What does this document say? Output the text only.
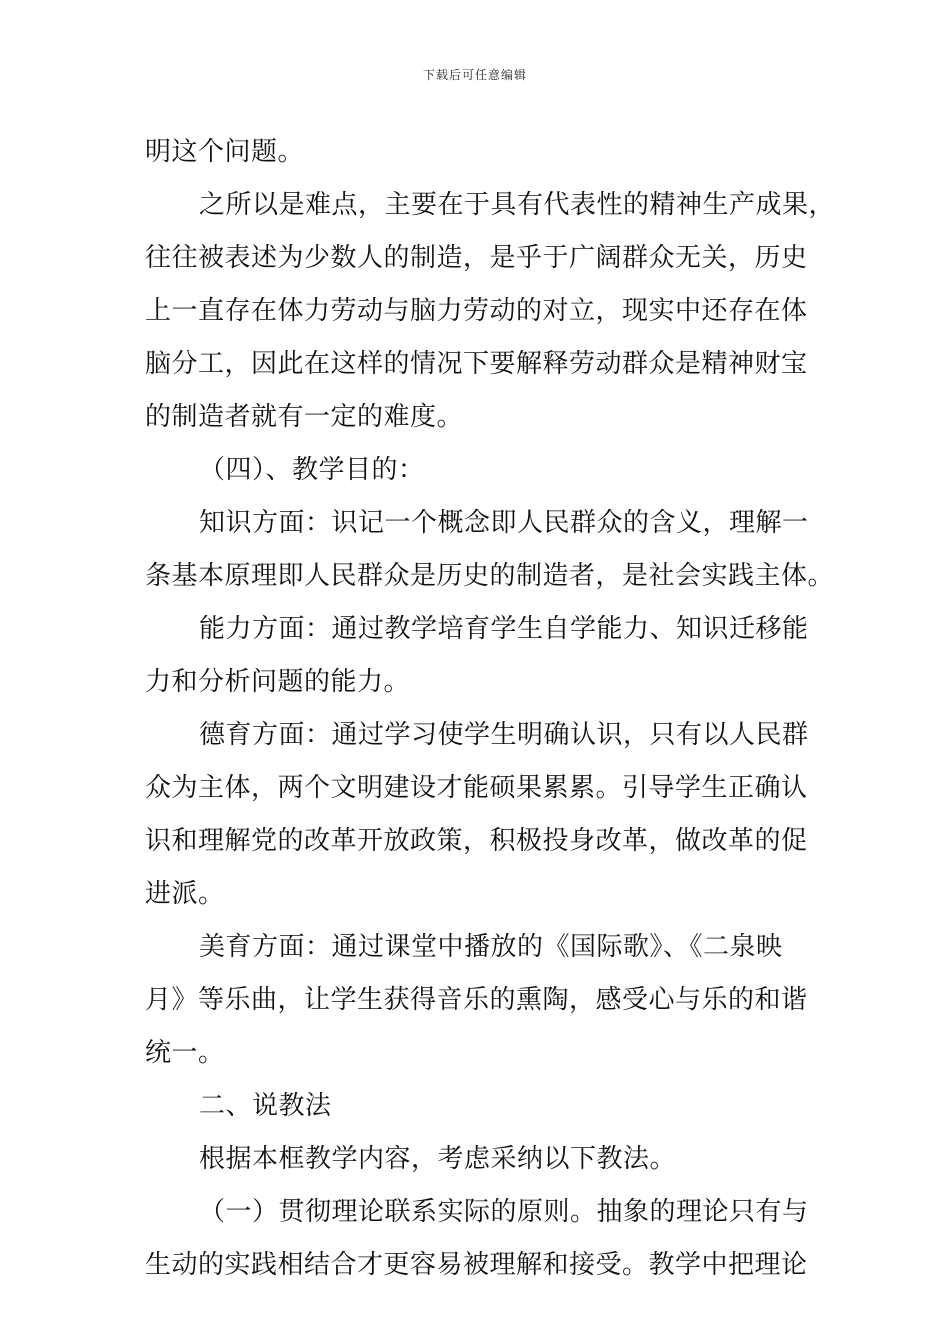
下载后可任意编辑
明这个问题。
之所以是难点，主要在于具有代表性的精神生产成果，
往往被表述为少数人的制造，是乎于广阔群众无关，历史
上一直存在体力劳动与脑力劳动的对立，现实中还存在体
脑分工，因此在这样的情况下要解释劳动群众是精神财宝
的制造者就有一定的难度。
（四）、教学目的：
知识方面：识记一个概念即人民群众的含义，理解一
条基本原理即人民群众是历史的制造者，是社会实践主体。
能力方面：通过教学培育学生自学能力、知识迁移能
力和分析问题的能力。
德育方面：通过学习使学生明确认识，只有以人民群
众为主体，两个文明建设才能硕果累累。引导学生正确认
识和理解党的改革开放政策，积极投身改革，做改革的促
进派。
美育方面：通过课堂中播放的《国际歌》、《二泉映
月》等乐曲，让学生获得音乐的熏陶，感受心与乐的和谐
统一。
二、说教法
根据本框教学内容，考虑采纳以下教法。
（一）贯彻理论联系实际的原则。抽象的理论只有与
生动的实践相结合才更容易被理解和接受。教学中把理论
